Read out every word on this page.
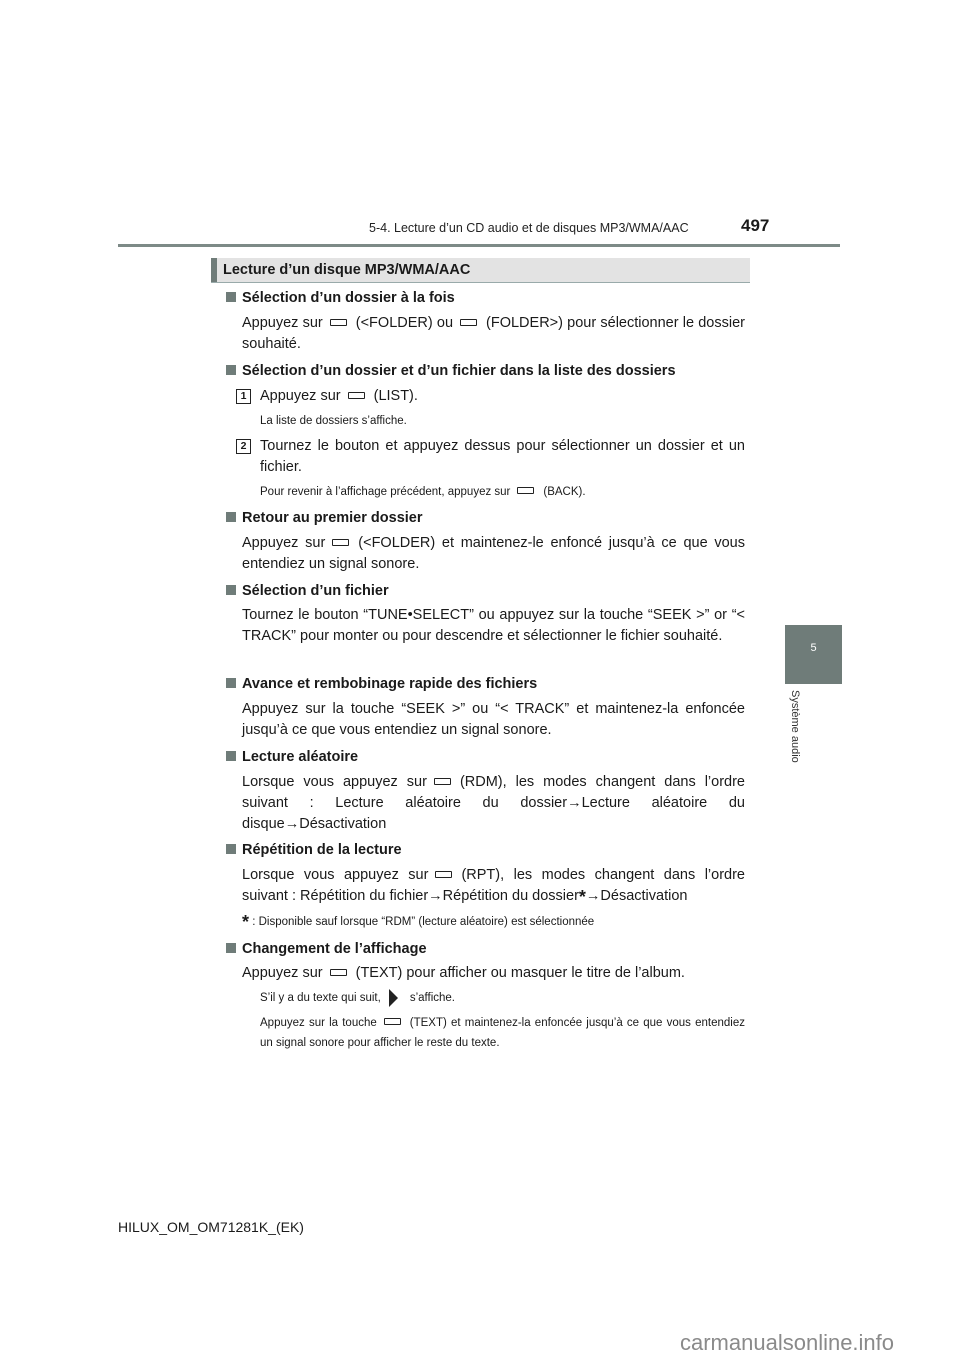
5-4. Lecture d’un CD audio et de disques MP3/WMA/AAC	497
5
Système audio
Lecture d’un disque MP3/WMA/AAC
Sélection d’un dossier à la fois
Appuyez sur (<FOLDER) ou (FOLDER>) pour sélectionner le dossier souhaité.
Sélection d’un dossier et d’un fichier dans la liste des dossiers
1 Appuyez sur (LIST).
La liste de dossiers s’affiche.
2 Tournez le bouton et appuyez dessus pour sélectionner un dossier et un fichier.
Pour revenir à l’affichage précédent, appuyez sur	(BACK).
Retour au premier dossier
Appuyez sur (<FOLDER) et maintenez-le enfoncé jusqu’à ce que vous entendiez un signal sonore.
Sélection d’un fichier
Tournez le bouton “TUNE•SELECT” ou appuyez sur la touche “SEEK >” or “< TRACK” pour monter ou pour descendre et sélectionner le fichier souhaité.
Avance et rembobinage rapide des fichiers
Appuyez sur la touche “SEEK >” ou “< TRACK” et maintenez-la enfoncée jusqu’à ce que vous entendiez un signal sonore.
Lecture aléatoire
Lorsque vous appuyez sur (RDM), les modes changent dans l’ordre suivant : Lecture aléatoire du dossier→Lecture aléatoire du disque→Désactivation
Répétition de la lecture
Lorsque vous appuyez sur (RPT), les modes changent dans l’ordre suivant : Répétition du fichier→Répétition du dossier*→Désactivation
* : Disponible sauf lorsque “RDM” (lecture aléatoire) est sélectionnée
Changement de l’affichage
Appuyez sur (TEXT) pour afficher ou masquer le titre de l’album.
S’il y a du texte qui suit,	s’affiche.
Appuyez sur la touche	(TEXT) et maintenez-la enfoncée jusqu’à ce que vous entendiez un signal sonore pour afficher le reste du texte.
HILUX_OM_OM71281K_(EK)
carmanualsonline.info
